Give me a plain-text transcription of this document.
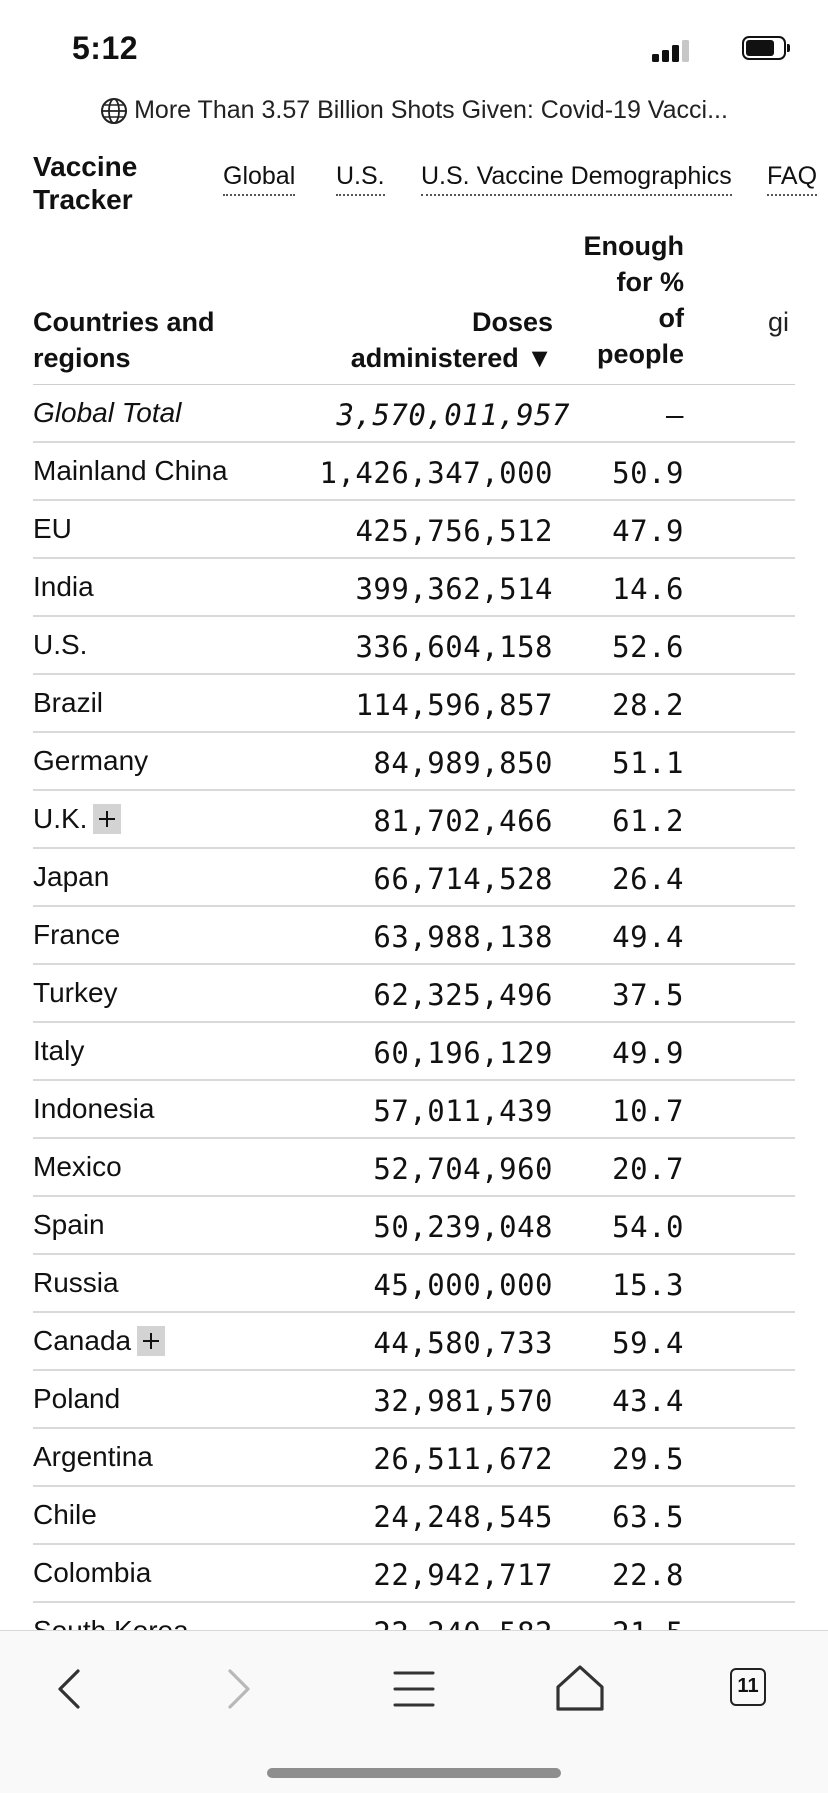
5:12
More Than 3.57 Billion Shots Given: Covid-19 Vacci...
Vaccine
Tracker
Global U.S. U.S. Vaccine Demographics FAQ
Countries and
regions
Doses
administered ▼
Enough
for %
of
people
gi
Global Total	3,570,011,957	–
Mainland China	1,426,347,000 50.9
EU	425,756,512 47.9
India	399,362,514 14.6
U.S.	336,604,158 52.6
Brazil	114,596,857 28.2
Germany	84,989,850 51.1
U.K.	81,702,466 61.2
Japan	66,714,528 26.4
France	63,988,138 49.4
Turkey	62,325,496 37.5
Italy	60,196,129 49.9
Indonesia	57,011,439 10.7
Mexico	52,704,960 20.7
Spain	50,239,048 54.0
Russia	45,000,000 15.3
Canada	44,580,733 59.4
Poland	32,981,570 43.4
Argentina	26,511,672 29.5
Chile	24,248,545 63.5
Colombia	22,942,717 22.8
11
